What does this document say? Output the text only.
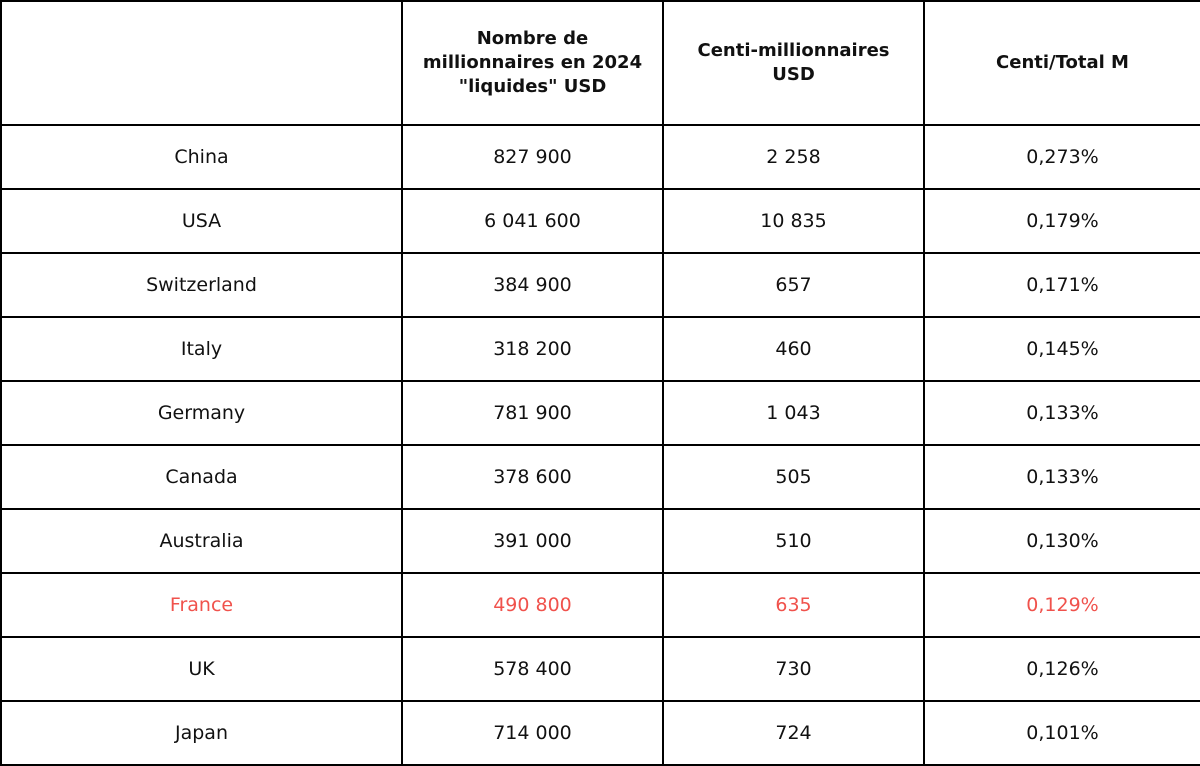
	Nombre de millionnaires en 2024 "liquides" USD	Centi-millionnaires USD	Centi/Total M
China	827 900	2 258	0,273%
USA	6 041 600	10 835	0,179%
Switzerland	384 900	657	0,171%
Italy	318 200	460	0,145%
Germany	781 900	1 043	0,133%
Canada	378 600	505	0,133%
Australia	391 000	510	0,130%
France	490 800	635	0,129%
UK	578 400	730	0,126%
Japan	714 000	724	0,101%
